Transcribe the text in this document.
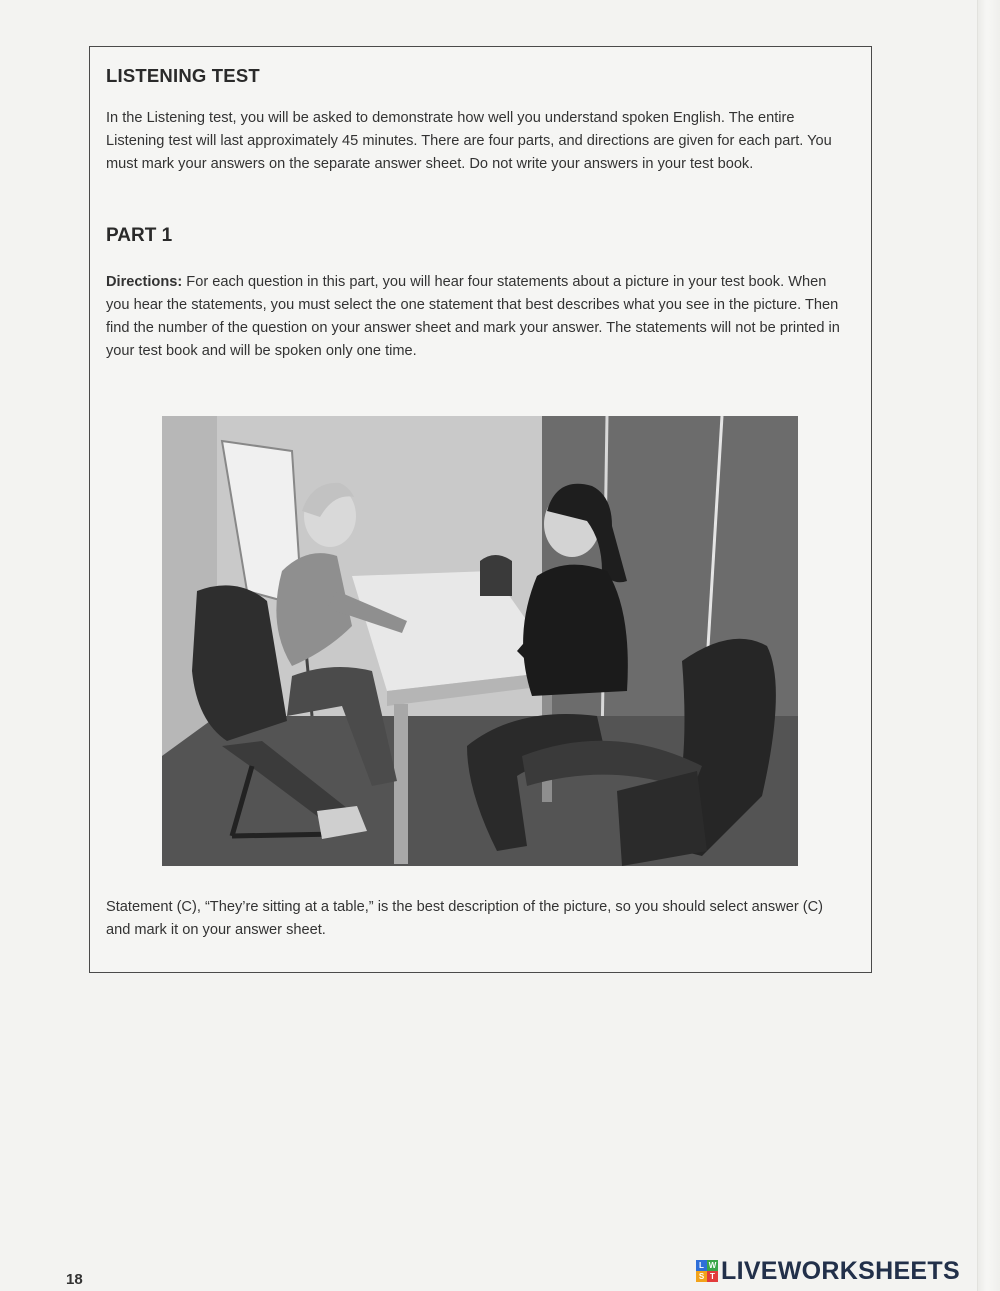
LISTENING TEST
In the Listening test, you will be asked to demonstrate how well you understand spoken English. The entire Listening test will last approximately 45 minutes. There are four parts, and directions are given for each part. You must mark your answers on the separate answer sheet. Do not write your answers in your test book.
PART 1
Directions: For each question in this part, you will hear four statements about a picture in your test book. When you hear the statements, you must select the one statement that best describes what you see in the picture. Then find the number of the question on your answer sheet and mark your answer. The statements will not be printed in your test book and will be spoken only one time.
Statement (C), “They’re sitting at a table,” is the best description of the picture, so you should select answer (C) and mark it on your answer sheet.
18
L W
S T LIVEWORKSHEETS
